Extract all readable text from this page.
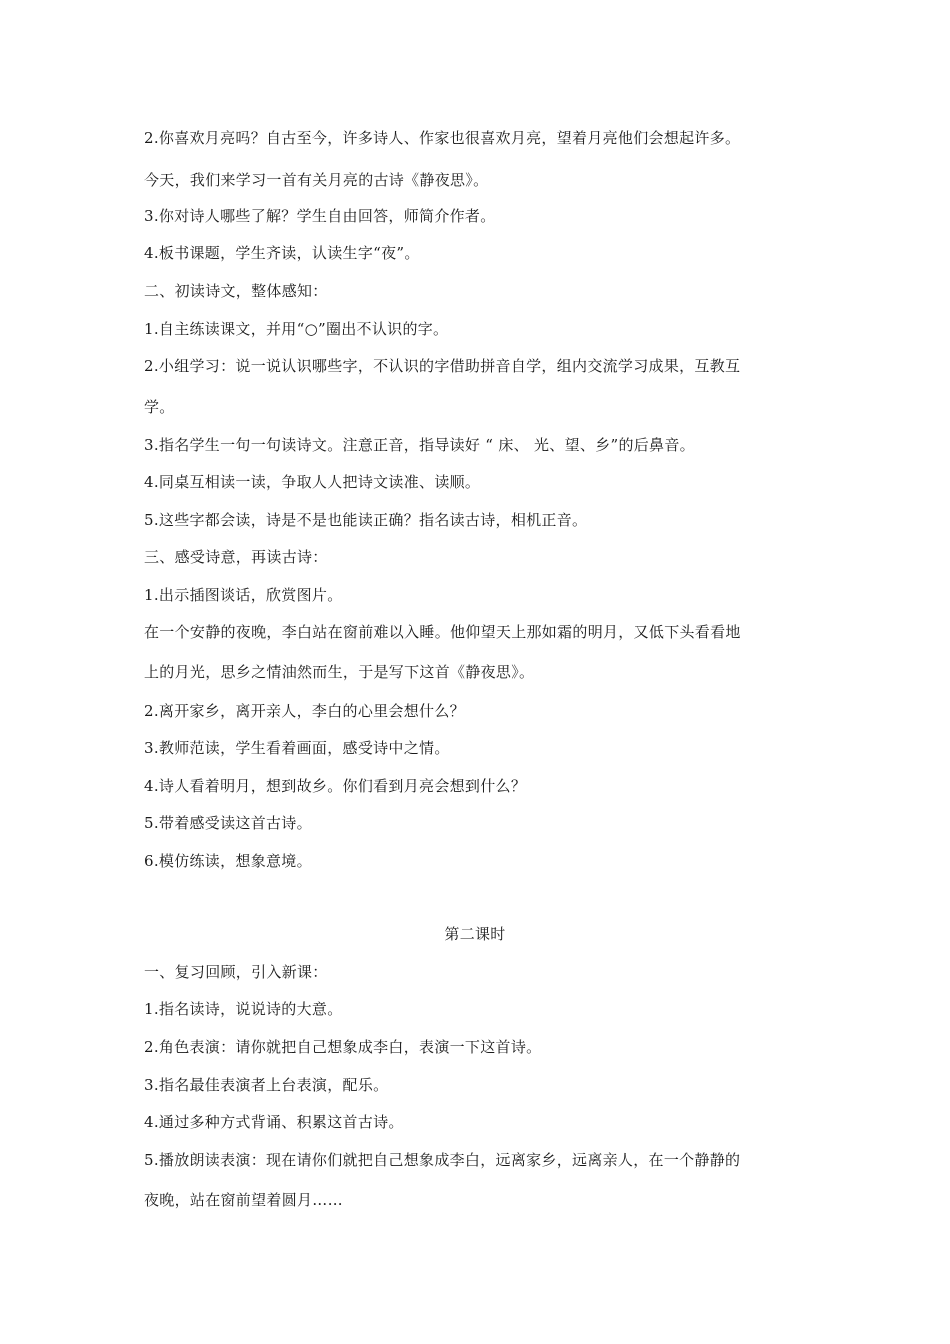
2.你喜欢月亮吗？自古至今，许多诗人、作家也很喜欢月亮，望着月亮他们会想起许多。
今天，我们来学习一首有关月亮的古诗《静夜思》。
3.你对诗人哪些了解？学生自由回答，师简介作者。
4.板书课题，学生齐读，认读生字“夜”。
二、初读诗文，整体感知：
1.自主练读课文，并用“○”圈出不认识的字。
2.小组学习：说一说认识哪些字，不认识的字借助拼音自学，组内交流学习成果，互教互
学。
3.指名学生一句一句读诗文。注意正音，指导读好 “ 床、 光、望、乡”的后鼻音。
4.同桌互相读一读，争取人人把诗文读准、读顺。
5.这些字都会读，诗是不是也能读正确？指名读古诗，相机正音。
三、感受诗意，再读古诗：
1.出示插图谈话，欣赏图片。
在一个安静的夜晚，李白站在窗前难以入睡。他仰望天上那如霜的明月，又低下头看看地
上的月光，思乡之情油然而生，于是写下这首《静夜思》。
2.离开家乡，离开亲人，李白的心里会想什么？
3.教师范读，学生看着画面，感受诗中之情。
4.诗人看着明月，想到故乡。你们看到月亮会想到什么？
5.带着感受读这首古诗。
6.模仿练读，想象意境。
第二课时
一、复习回顾，引入新课：
1.指名读诗，说说诗的大意。
2.角色表演：请你就把自己想象成李白，表演一下这首诗。
3.指名最佳表演者上台表演，配乐。
4.通过多种方式背诵、积累这首古诗。
5.播放朗读表演：现在请你们就把自己想象成李白，远离家乡，远离亲人，在一个静静的
夜晚，站在窗前望着圆月……
